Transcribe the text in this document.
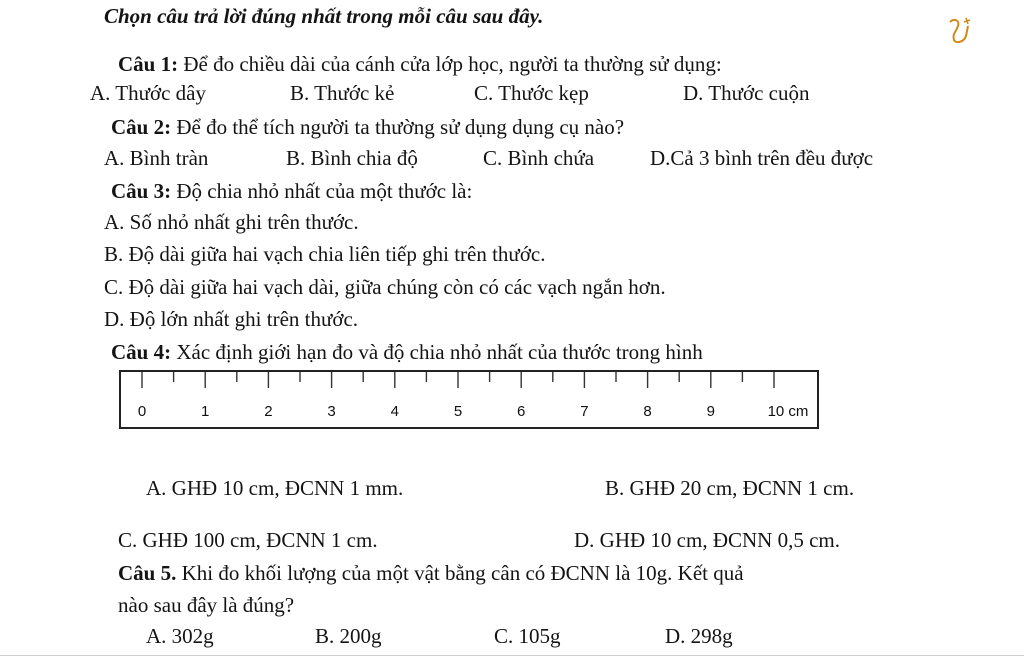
Chọn câu trả lời đúng nhất trong mỗi câu sau đây.
Câu 1: Để đo chiều dài của cánh cửa lớp học, người ta thường sử dụng:
A. Thước dây	B. Thước kẻ	C. Thước kẹp	D. Thước cuộn
Câu 2: Để đo thể tích người ta thường sử dụng dụng cụ nào?
A. Bình tràn	B. Bình chia độ	C. Bình chứa	D.Cả 3 bình trên đều được
Câu 3: Độ chia nhỏ nhất của một thước là:
A. Số nhỏ nhất ghi trên thước.
B. Độ dài giữa hai vạch chia liên tiếp ghi trên thước.
C. Độ dài giữa hai vạch dài, giữa chúng còn có các vạch ngắn hơn.
D. Độ lớn nhất ghi trên thước.
Câu 4: Xác định giới hạn đo và độ chia nhỏ nhất của thước trong hình
0	1	2	3	4	5	6	7	8	9	10 cm
A. GHĐ 10 cm, ĐCNN 1 mm.	B. GHĐ 20 cm, ĐCNN 1 cm.
C. GHĐ 100 cm, ĐCNN 1 cm.	D. GHĐ 10 cm, ĐCNN 0,5 cm.
Câu 5. Khi đo khối lượng của một vật bằng cân có ĐCNN là 10g. Kết quả
nào sau đây là đúng?
A. 302g	B. 200g	C. 105g	D. 298g
